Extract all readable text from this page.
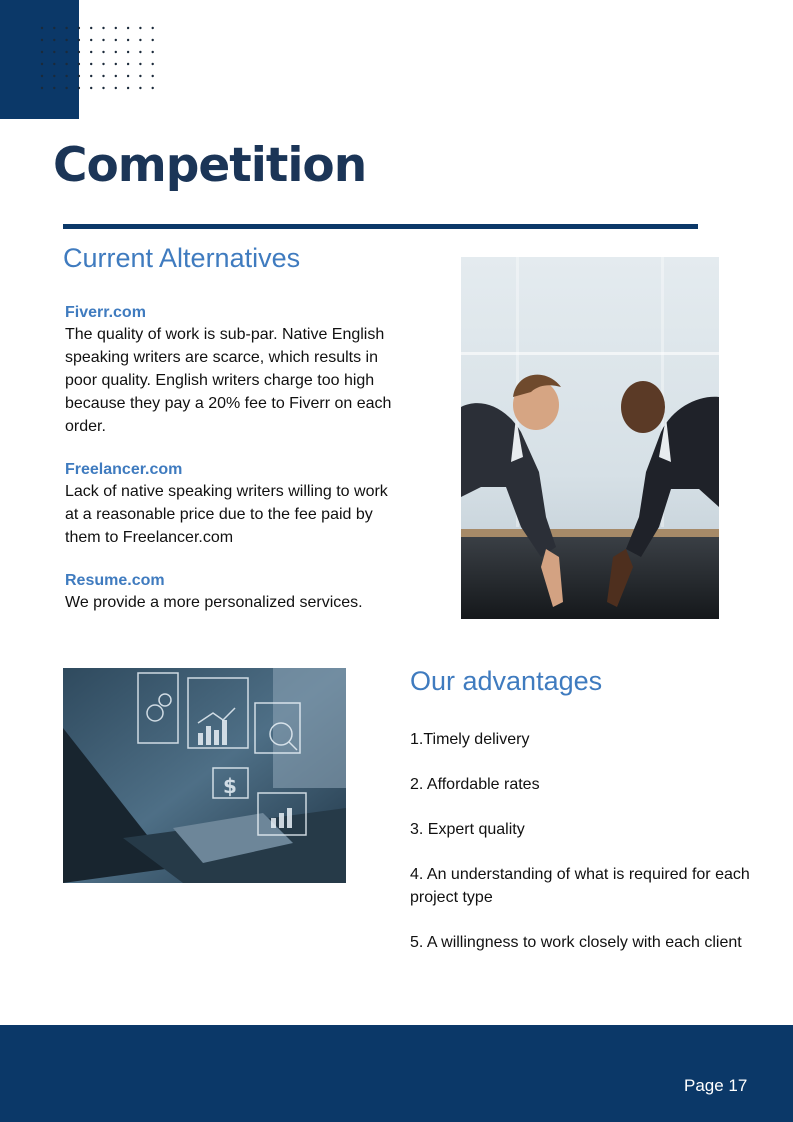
Competition
Current Alternatives
Fiverr.com
The quality of work is sub-par. Native English speaking writers are scarce, which results in poor quality. English writers charge too high because they pay a 20% fee to Fiverr on each order.
Freelancer.com
Lack of native speaking writers willing to work at a reasonable price due to the fee paid by them to Freelancer.com
Resume.com
We provide a more personalized services.
$
Our advantages
1.Timely delivery
2. Affordable rates
3. Expert quality
4. An understanding of what is required for each project type
5. A willingness to work closely with each client
Page 17
